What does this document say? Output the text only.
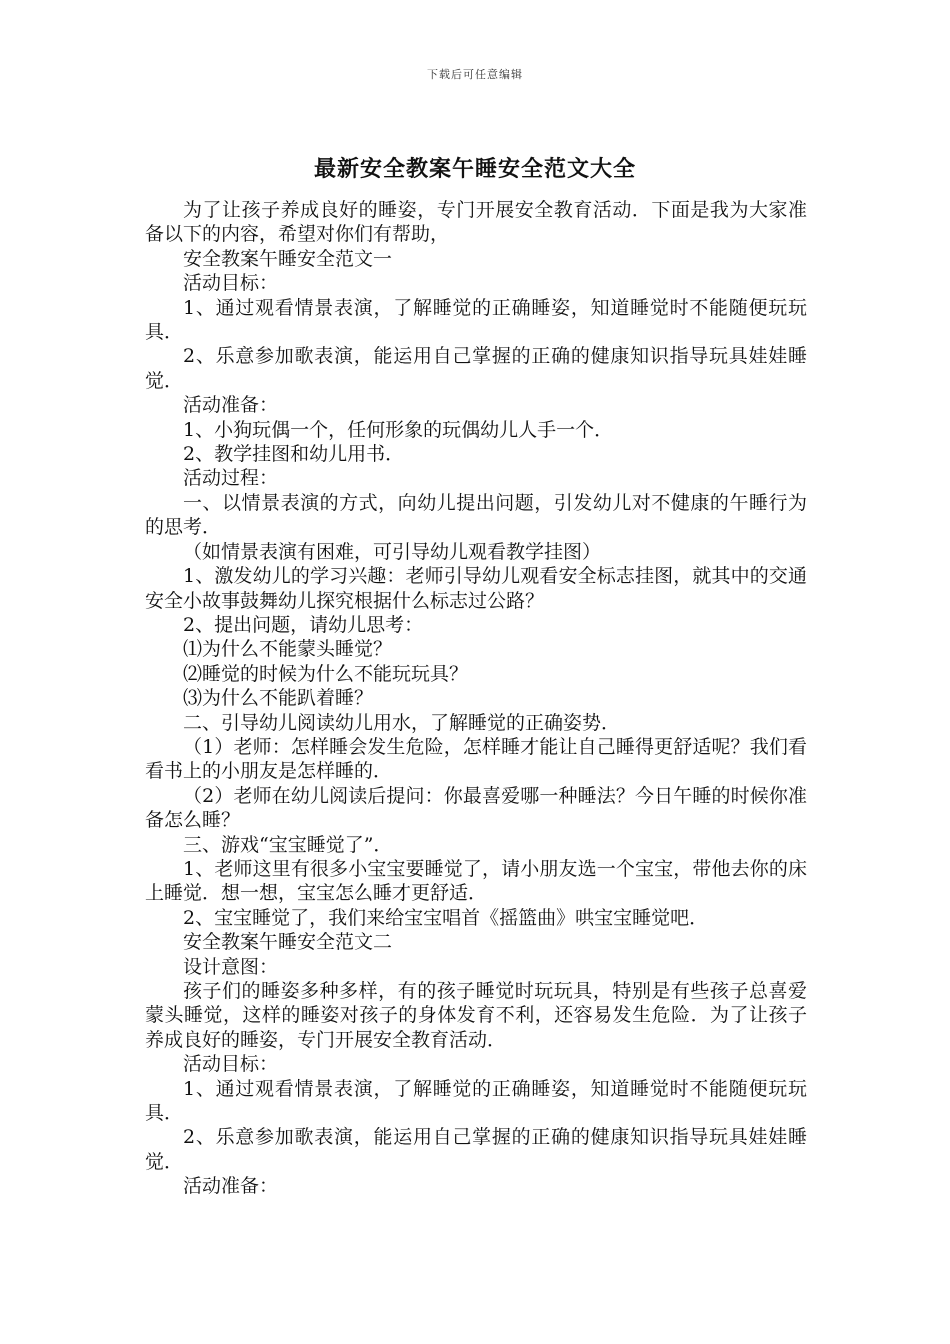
下载后可任意编辑
最新安全教案午睡安全范文大全

为了让孩子养成良好的睡姿，专门开展安全教育活动．下面是我为大家准备以下的内容，希望对你们有帮助，

安全教案午睡安全范文一

活动目标：

1、通过观看情景表演，了解睡觉的正确睡姿，知道睡觉时不能随便玩玩具．

2、乐意参加歌表演，能运用自己掌握的正确的健康知识指导玩具娃娃睡觉．

活动准备：

1、小狗玩偶一个，任何形象的玩偶幼儿人手一个．

2、教学挂图和幼儿用书．

活动过程：

一、以情景表演的方式，向幼儿提出问题，引发幼儿对不健康的午睡行为的思考．

（如情景表演有困难，可引导幼儿观看教学挂图）

1、激发幼儿的学习兴趣：老师引导幼儿观看安全标志挂图，就其中的交通安全小故事鼓舞幼儿探究根据什么标志过公路？

2、提出问题，请幼儿思考：

⑴为什么不能蒙头睡觉？

⑵睡觉的时候为什么不能玩玩具？

⑶为什么不能趴着睡？

二、引导幼儿阅读幼儿用水，了解睡觉的正确姿势．

（1）老师：怎样睡会发生危险，怎样睡才能让自己睡得更舒适呢？我们看看书上的小朋友是怎样睡的．

（2）老师在幼儿阅读后提问：你最喜爱哪一种睡法？今日午睡的时候你准备怎么睡？

三、游戏“宝宝睡觉了”．

1、老师这里有很多小宝宝要睡觉了，请小朋友选一个宝宝，带他去你的床上睡觉．想一想，宝宝怎么睡才更舒适．

2、宝宝睡觉了，我们来给宝宝唱首《摇篮曲》哄宝宝睡觉吧．

安全教案午睡安全范文二

设计意图：

孩子们的睡姿多种多样，有的孩子睡觉时玩玩具，特别是有些孩子总喜爱蒙头睡觉，这样的睡姿对孩子的身体发育不利，还容易发生危险．为了让孩子养成良好的睡姿，专门开展安全教育活动．

活动目标：

1、通过观看情景表演，了解睡觉的正确睡姿，知道睡觉时不能随便玩玩具．

2、乐意参加歌表演，能运用自己掌握的正确的健康知识指导玩具娃娃睡觉．

活动准备：
